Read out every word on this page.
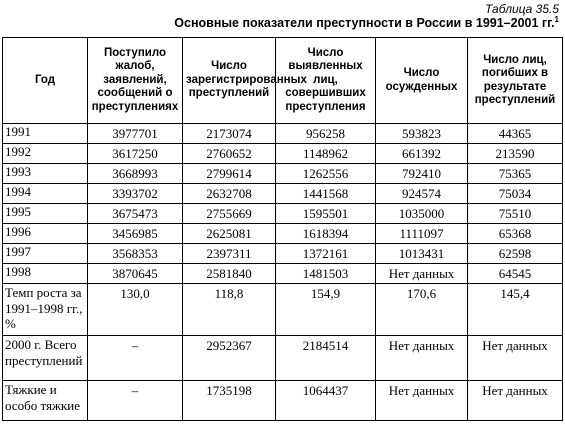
Таблица 35.5
Основные показатели преступности в России в 1991–2001 гг.$^1$
Год	Поступило жалоб, заявлений, сообщений о преступлениях	Число зарегистрированных преступлений	Число выявленных лиц, совершивших преступления	Число осужденных	Число лиц, погибших в результате преступлений
1991	3977701	2173074	956258	593823	44365
1992	3617250	2760652	1148962	661392	213590
1993	3668993	2799614	1262556	792410	75365
1994	3393702	2632708	1441568	924574	75034
1995	3675473	2755669	1595501	1035000	75510
1996	3456985	2625081	1618394	1111097	65368
1997	3568353	2397311	1372161	1013431	62598
1998	3870645	2581840	1481503	Нет данных	64545
Темп роста за 1991–1998 гг., %	130,0	118,8	154,9	170,6	145,4
2000 г. Всего преступлений	–	2952367	2184514	Нет данных	Нет данных
Тяжкие и особо тяжкие	–	1735198	1064437	Нет данных	Нет данных
